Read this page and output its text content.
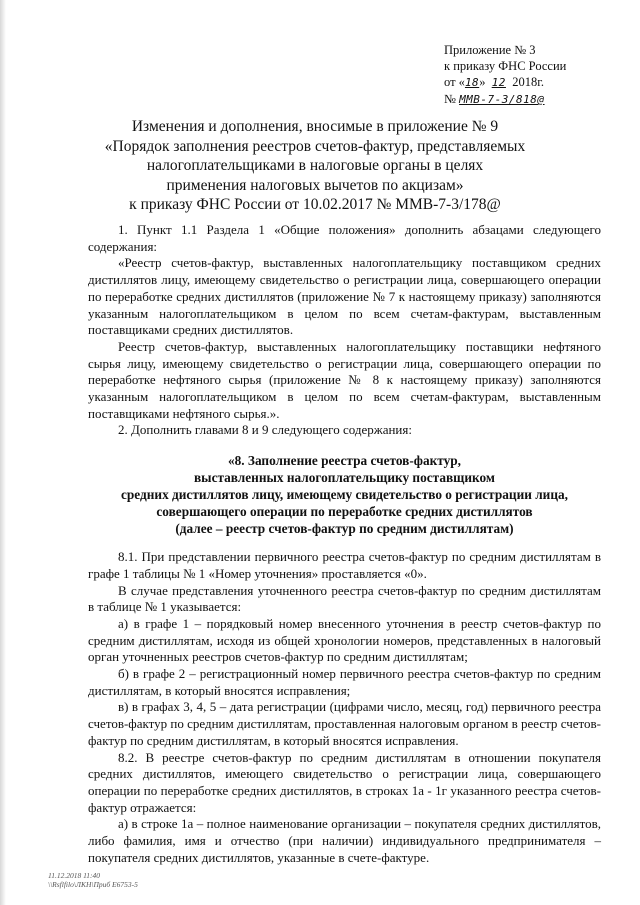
Приложение № 3
к приказу ФНС России
от «18» 12 2018г.
№ ММВ-7-3/818@
Изменения и дополнения, вносимые в приложение № 9
«Порядок заполнения реестров счетов-фактур, представляемых
налогоплательщиками в налоговые органы в целях
применения налоговых вычетов по акцизам»
к приказу ФНС России от 10.02.2017 № ММВ-7-3/178@

1. Пункт 1.1 Раздела 1 «Общие положения» дополнить абзацами следующего содержания:

«Реестр счетов-фактур, выставленных налогоплательщику поставщиком средних дистиллятов лицу, имеющему свидетельство о регистрации лица, совершающего операции по переработке средних дистиллятов (приложение № 7 к настоящему приказу) заполняются указанным налогоплательщиком в целом по всем счетам-фактурам, выставленным поставщиками средних дистиллятов.

Реестр счетов-фактур, выставленных налогоплательщику поставщики нефтяного сырья лицу, имеющему свидетельство о регистрации лица, совершающего операции по переработке нефтяного сырья (приложение № 8 к настоящему приказу) заполняются указанным налогоплательщиком в целом по всем счетам-фактурам, выставленным поставщиками нефтяного сырья.».

2. Дополнить главами 8 и 9 следующего содержания:

«8. Заполнение реестра счетов-фактур,
выставленных налогоплательщику поставщиком
средних дистиллятов лицу, имеющему свидетельство о регистрации лица,
совершающего операции по переработке средних дистиллятов
(далее – реестр счетов-фактур по средним дистиллятам)

8.1. При представлении первичного реестра счетов-фактур по средним дистиллятам в графе 1 таблицы № 1 «Номер уточнения» проставляется «0».

В случае представления уточненного реестра счетов-фактур по средним дистиллятам в таблице № 1 указывается:

а) в графе 1 – порядковый номер внесенного уточнения в реестр счетов-фактур по средним дистиллятам, исходя из общей хронологии номеров, представленных в налоговый орган уточненных реестров счетов-фактур по средним дистиллятам;

б) в графе 2 – регистрационный номер первичного реестра счетов-фактур по средним дистиллятам, в который вносятся исправления;

в) в графах 3, 4, 5 – дата регистрации (цифрами число, месяц, год) первичного реестра счетов-фактур по средним дистиллятам, проставленная налоговым органом в реестр счетов-фактур по средним дистиллятам, в который вносятся исправления.

8.2. В реестре счетов-фактур по средним дистиллятам в отношении покупателя средних дистиллятов, имеющего свидетельство о регистрации лица, совершающего операции по переработке средних дистиллятов, в строках 1а - 1г указанного реестра счетов-фактур отражается:

а) в строке 1а – полное наименование организации – покупателя средних дистиллятов, либо фамилия, имя и отчество (при наличии) индивидуального предпринимателя – покупателя средних дистиллятов, указанные в счете-фактуре.

11.12.2018 11:40
\\Rsflfilo\ЛКН\Приб E6753-5
